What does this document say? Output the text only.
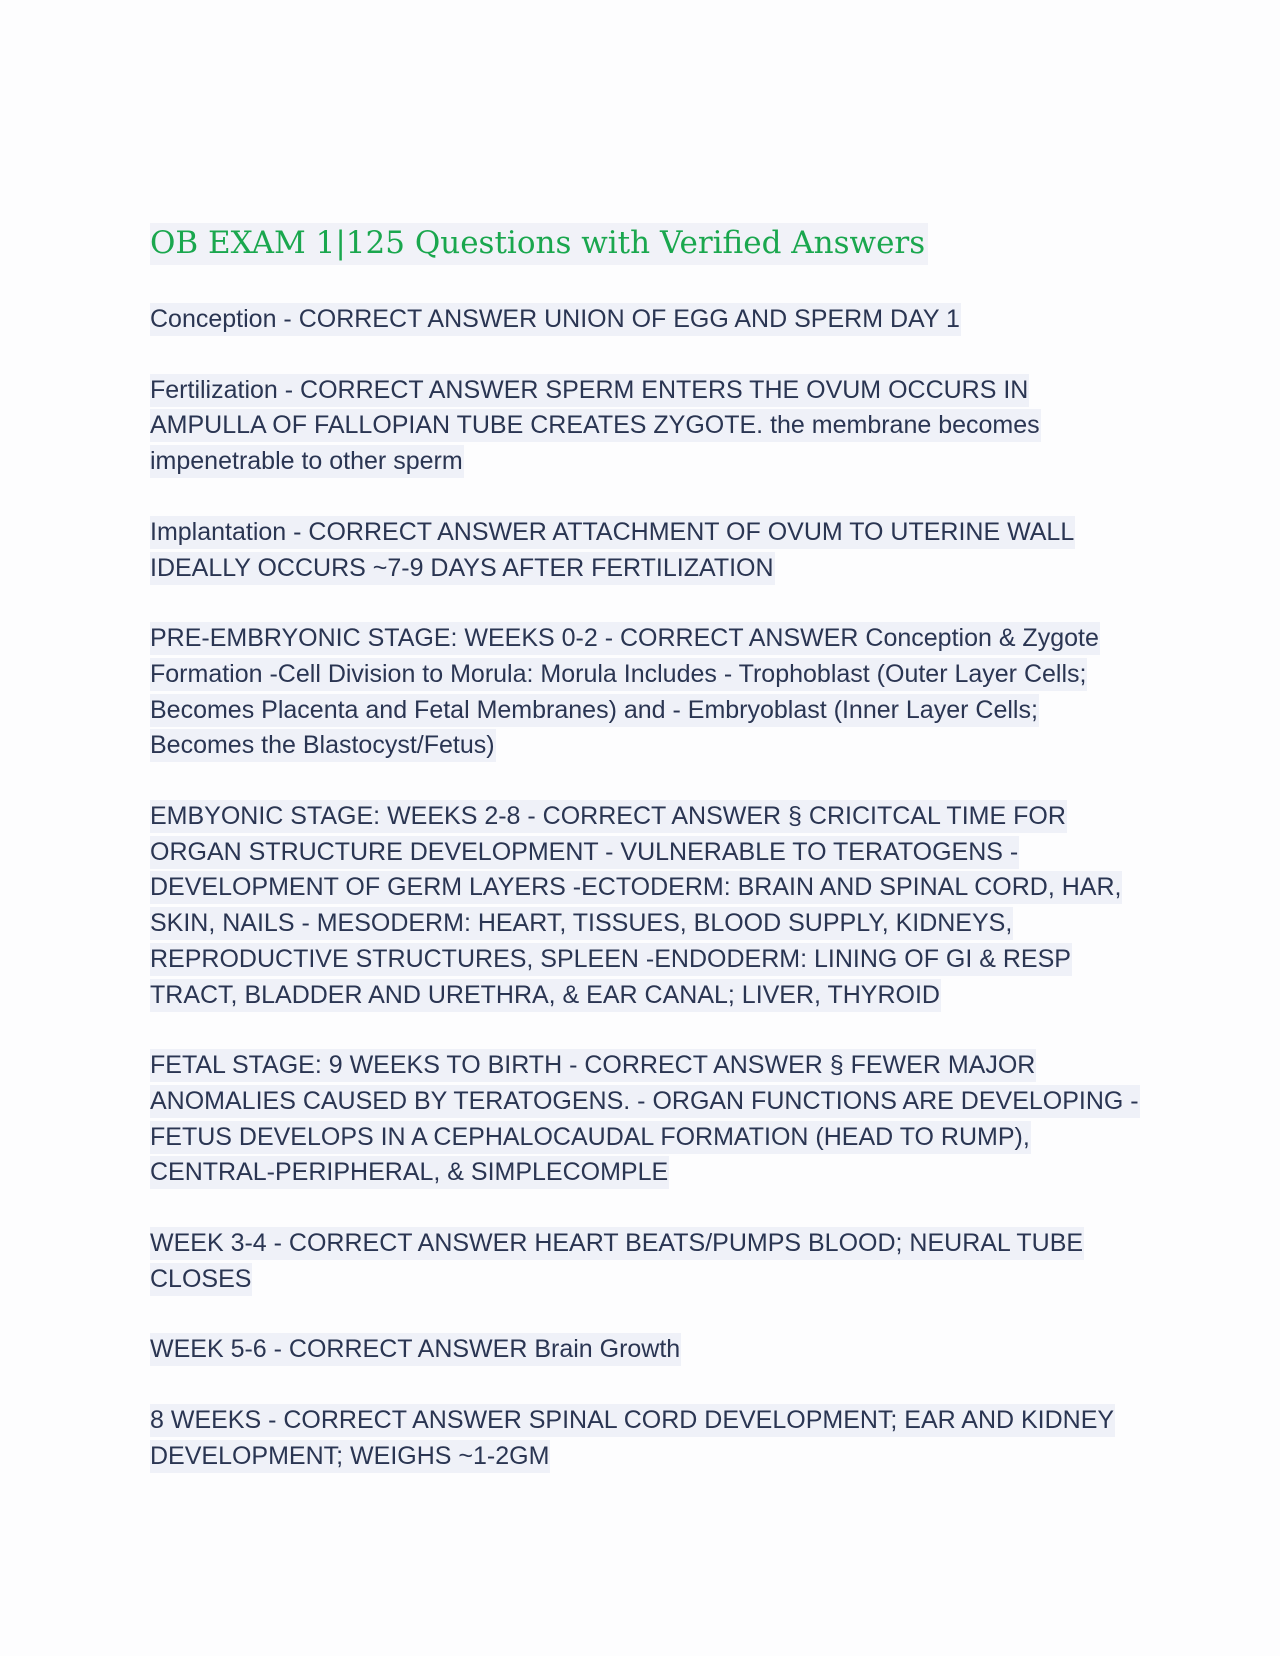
OB EXAM 1|125 Questions with Verified Answers

Conception - CORRECT ANSWER UNION OF EGG AND SPERM DAY 1

Fertilization - CORRECT ANSWER SPERM ENTERS THE OVUM OCCURS IN AMPULLA OF FALLOPIAN TUBE CREATES ZYGOTE. the membrane becomes impenetrable to other sperm

Implantation - CORRECT ANSWER ATTACHMENT OF OVUM TO UTERINE WALL IDEALLY OCCURS ~7-9 DAYS AFTER FERTILIZATION

PRE-EMBRYONIC STAGE: WEEKS 0-2 - CORRECT ANSWER Conception & Zygote Formation -Cell Division to Morula: Morula Includes - Trophoblast (Outer Layer Cells; Becomes Placenta and Fetal Membranes) and - Embryoblast (Inner Layer Cells; Becomes the Blastocyst/Fetus)

EMBYONIC STAGE: WEEKS 2-8 - CORRECT ANSWER § CRICITCAL TIME FOR ORGAN STRUCTURE DEVELOPMENT - VULNERABLE TO TERATOGENS - DEVELOPMENT OF GERM LAYERS -ECTODERM: BRAIN AND SPINAL CORD, HAR, SKIN, NAILS - MESODERM: HEART, TISSUES, BLOOD SUPPLY, KIDNEYS, REPRODUCTIVE STRUCTURES, SPLEEN -ENDODERM: LINING OF GI & RESP TRACT, BLADDER AND URETHRA, & EAR CANAL; LIVER, THYROID

FETAL STAGE: 9 WEEKS TO BIRTH - CORRECT ANSWER § FEWER MAJOR ANOMALIES CAUSED BY TERATOGENS. - ORGAN FUNCTIONS ARE DEVELOPING - FETUS DEVELOPS IN A CEPHALOCAUDAL FORMATION (HEAD TO RUMP), CENTRAL-PERIPHERAL, & SIMPLECOMPLE

WEEK 3-4 - CORRECT ANSWER HEART BEATS/PUMPS BLOOD; NEURAL TUBE CLOSES

WEEK 5-6 - CORRECT ANSWER Brain Growth

8 WEEKS - CORRECT ANSWER SPINAL CORD DEVELOPMENT; EAR AND KIDNEY DEVELOPMENT; WEIGHS ~1-2GM
